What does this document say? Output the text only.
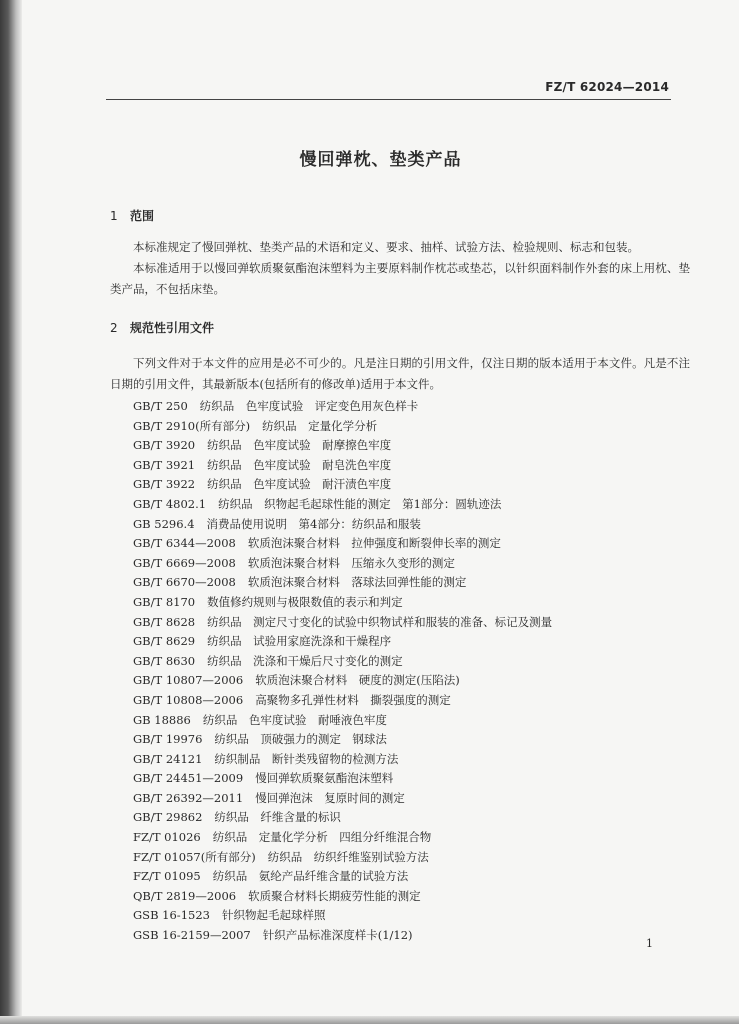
FZ/T 62024—2014
慢回弹枕、垫类产品
1 范围
本标准规定了慢回弹枕、垫类产品的术语和定义、要求、抽样、试验方法、检验规则、标志和包装。
本标准适用于以慢回弹软质聚氨酯泡沫塑料为主要原料制作枕芯或垫芯，以针织面料制作外套的床上用枕、垫类产品，不包括床垫。
2 规范性引用文件
下列文件对于本文件的应用是必不可少的。凡是注日期的引用文件，仅注日期的版本适用于本文件。凡是不注日期的引用文件，其最新版本(包括所有的修改单)适用于本文件。
GB/T 250 纺织品　色牢度试验　评定变色用灰色样卡
GB/T 2910(所有部分) 纺织品　定量化学分析
GB/T 3920 纺织品　色牢度试验　耐摩擦色牢度
GB/T 3921 纺织品　色牢度试验　耐皂洗色牢度
GB/T 3922 纺织品　色牢度试验　耐汗渍色牢度
GB/T 4802.1 纺织品　织物起毛起球性能的测定　第1部分：圆轨迹法
GB 5296.4 消费品使用说明　第4部分：纺织品和服装
GB/T 6344—2008 软质泡沫聚合材料　拉伸强度和断裂伸长率的测定
GB/T 6669—2008 软质泡沫聚合材料　压缩永久变形的测定
GB/T 6670—2008 软质泡沫聚合材料　落球法回弹性能的测定
GB/T 8170 数值修约规则与极限数值的表示和判定
GB/T 8628 纺织品　测定尺寸变化的试验中织物试样和服装的准备、标记及测量
GB/T 8629 纺织品　试验用家庭洗涤和干燥程序
GB/T 8630 纺织品　洗涤和干燥后尺寸变化的测定
GB/T 10807—2006 软质泡沫聚合材料　硬度的测定(压陷法)
GB/T 10808—2006 高聚物多孔弹性材料　撕裂强度的测定
GB 18886 纺织品　色牢度试验　耐唾液色牢度
GB/T 19976 纺织品　顶破强力的测定　钢球法
GB/T 24121 纺织制品　断针类残留物的检测方法
GB/T 24451—2009 慢回弹软质聚氨酯泡沫塑料
GB/T 26392—2011 慢回弹泡沫　复原时间的测定
GB/T 29862 纺织品　纤维含量的标识
FZ/T 01026 纺织品　定量化学分析　四组分纤维混合物
FZ/T 01057(所有部分) 纺织品　纺织纤维鉴别试验方法
FZ/T 01095 纺织品　氨纶产品纤维含量的试验方法
QB/T 2819—2006 软质聚合材料长期疲劳性能的测定
GSB 16-1523 针织物起毛起球样照
GSB 16-2159—2007 针织产品标准深度样卡(1/12)
1
